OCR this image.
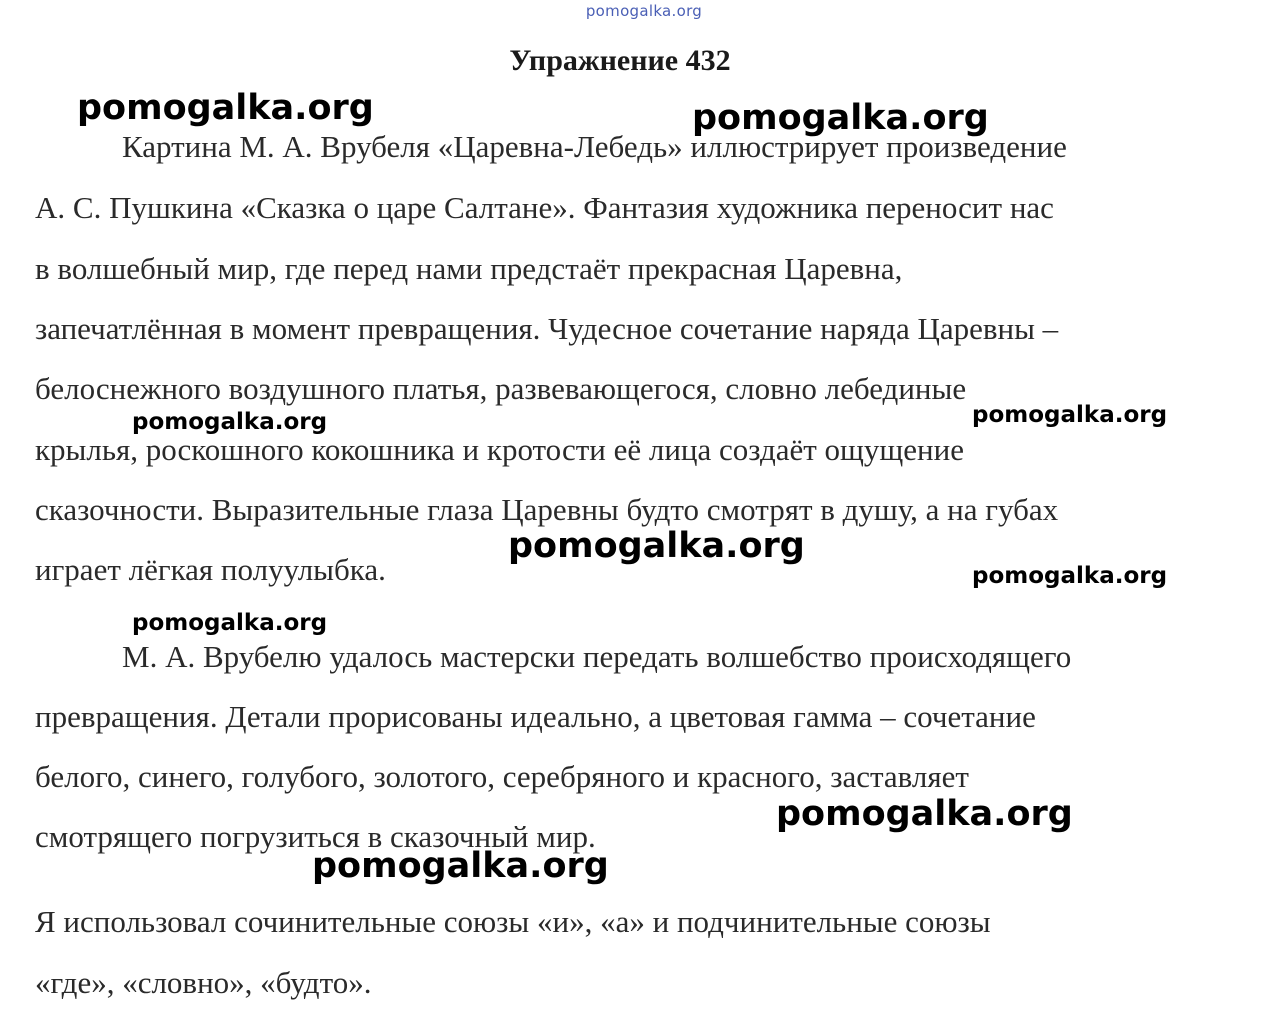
pomogalka.org
Упражнение 432
Картина М. А. Врубеля «Царевна-Лебедь» иллюстрирует произведение
А. С. Пушкина «Сказка о царе Салтане». Фантазия художника переносит нас
в волшебный мир, где перед нами предстаёт прекрасная Царевна,
запечатлённая в момент превращения. Чудесное сочетание наряда Царевны –
белоснежного воздушного платья, развевающегося, словно лебединые
крылья, роскошного кокошника и кротости её лица создаёт ощущение
сказочности. Выразительные глаза Царевны будто смотрят в душу, а на губах
играет лёгкая полуулыбка.
М. А. Врубелю удалось мастерски передать волшебство происходящего
превращения. Детали прорисованы идеально, а цветовая гамма – сочетание
белого, синего, голубого, золотого, серебряного и красного, заставляет
смотрящего погрузиться в сказочный мир.
Я использовал сочинительные союзы «и», «а» и подчинительные союзы
«где», «словно», «будто».
pomogalka.org	pomogalka.org
pomogalka.org	pomogalka.org
pomogalka.org
pomogalka.org
pomogalka.org
pomogalka.org
pomogalka.org
